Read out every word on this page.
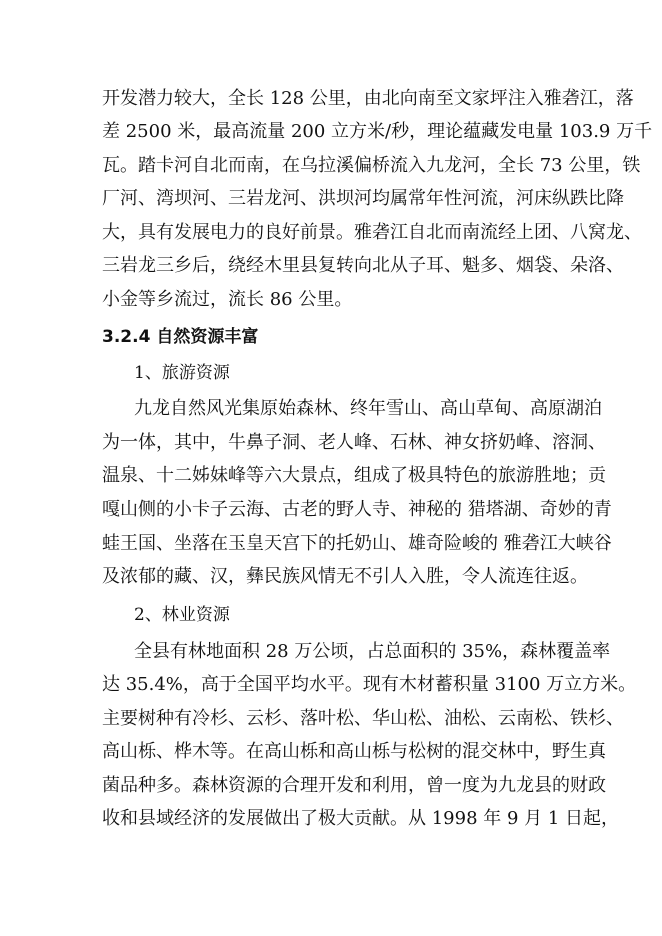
开发潜力较大，全长 128 公里，由北向南至文家坪注入雅砻江，落
差 2500 米，最高流量 200 立方米/秒，理论蕴藏发电量 103.9 万千
瓦。踏卡河自北而南，在乌拉溪偏桥流入九龙河，全长 73 公里，铁
厂河、湾坝河、三岩龙河、洪坝河均属常年性河流，河床纵跌比降
大，具有发展电力的良好前景。雅砻江自北而南流经上团、八窝龙、
三岩龙三乡后，绕经木里县复转向北从子耳、魁多、烟袋、朵洛、
小金等乡流过，流长 86 公里。
3.2.4 自然资源丰富
1、旅游资源
九龙自然风光集原始森林、终年雪山、高山草甸、高原湖泊
为一体，其中，牛鼻子洞、老人峰、石林、神女挤奶峰、溶洞、
温泉、十二姊妹峰等六大景点，组成了极具特色的旅游胜地；贡
嘎山侧的小卡子云海、古老的野人寺、神秘的 猎塔湖、奇妙的青
蛙王国、坐落在玉皇天宫下的托奶山、雄奇险峻的 雅砻江大峡谷
及浓郁的藏、汉，彝民族风情无不引人入胜，令人流连往返。
2、林业资源
全县有林地面积 28 万公顷，占总面积的 35%，森林覆盖率
达 35.4%，高于全国平均水平。现有木材蓄积量 3100 万立方米。
主要树种有冷杉、云杉、落叶松、华山松、油松、云南松、铁杉、
高山栎、桦木等。在高山栎和高山栎与松树的混交林中，野生真
菌品种多。森林资源的合理开发和利用，曾一度为九龙县的财政
收和县域经济的发展做出了极大贡献。从 1998 年 9 月 1 日起，
